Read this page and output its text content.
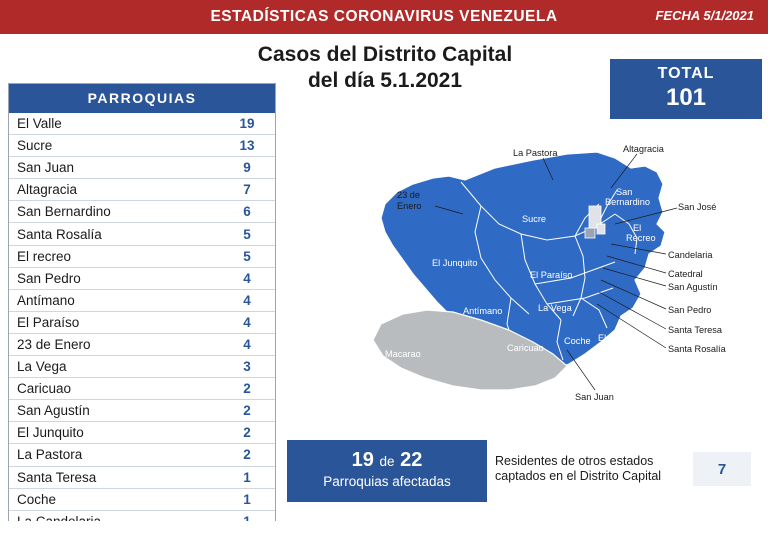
ESTADÍSTICAS CORONAVIRUS VENEZUELA	FECHA 5/1/2021
Casos del Distrito Capital
del día 5.1.2021	TOTAL
101
PARROQUIAS
El Valle	19
Sucre	13
San Juan	9
Altagracia	7
San Bernardino	6
Santa Rosalía	5
El recreo	5
San Pedro	4
Antímano	4
El Paraíso	4
23 de Enero	4
La Vega	3
Caricuao	2
San Agustín	2
El Junquito	2
La Pastora	2
Santa Teresa	1
Coche	1
La Pastora	Altagracia
23 de
Enero
San
Bernardino	San José
Sucre
El
Recreo
Candelaria
El Junquito
Catedral
El Paraíso
San Agustín
San Pedro
Antímano	La Vega
Santa Teresa
Santa Rosalía
El Valle
Coche
Caricuao
Macarao
San Juan
19 de 22
Parroquias afectadas
Residentes de otros estados captados en el Distrito Capital	7
